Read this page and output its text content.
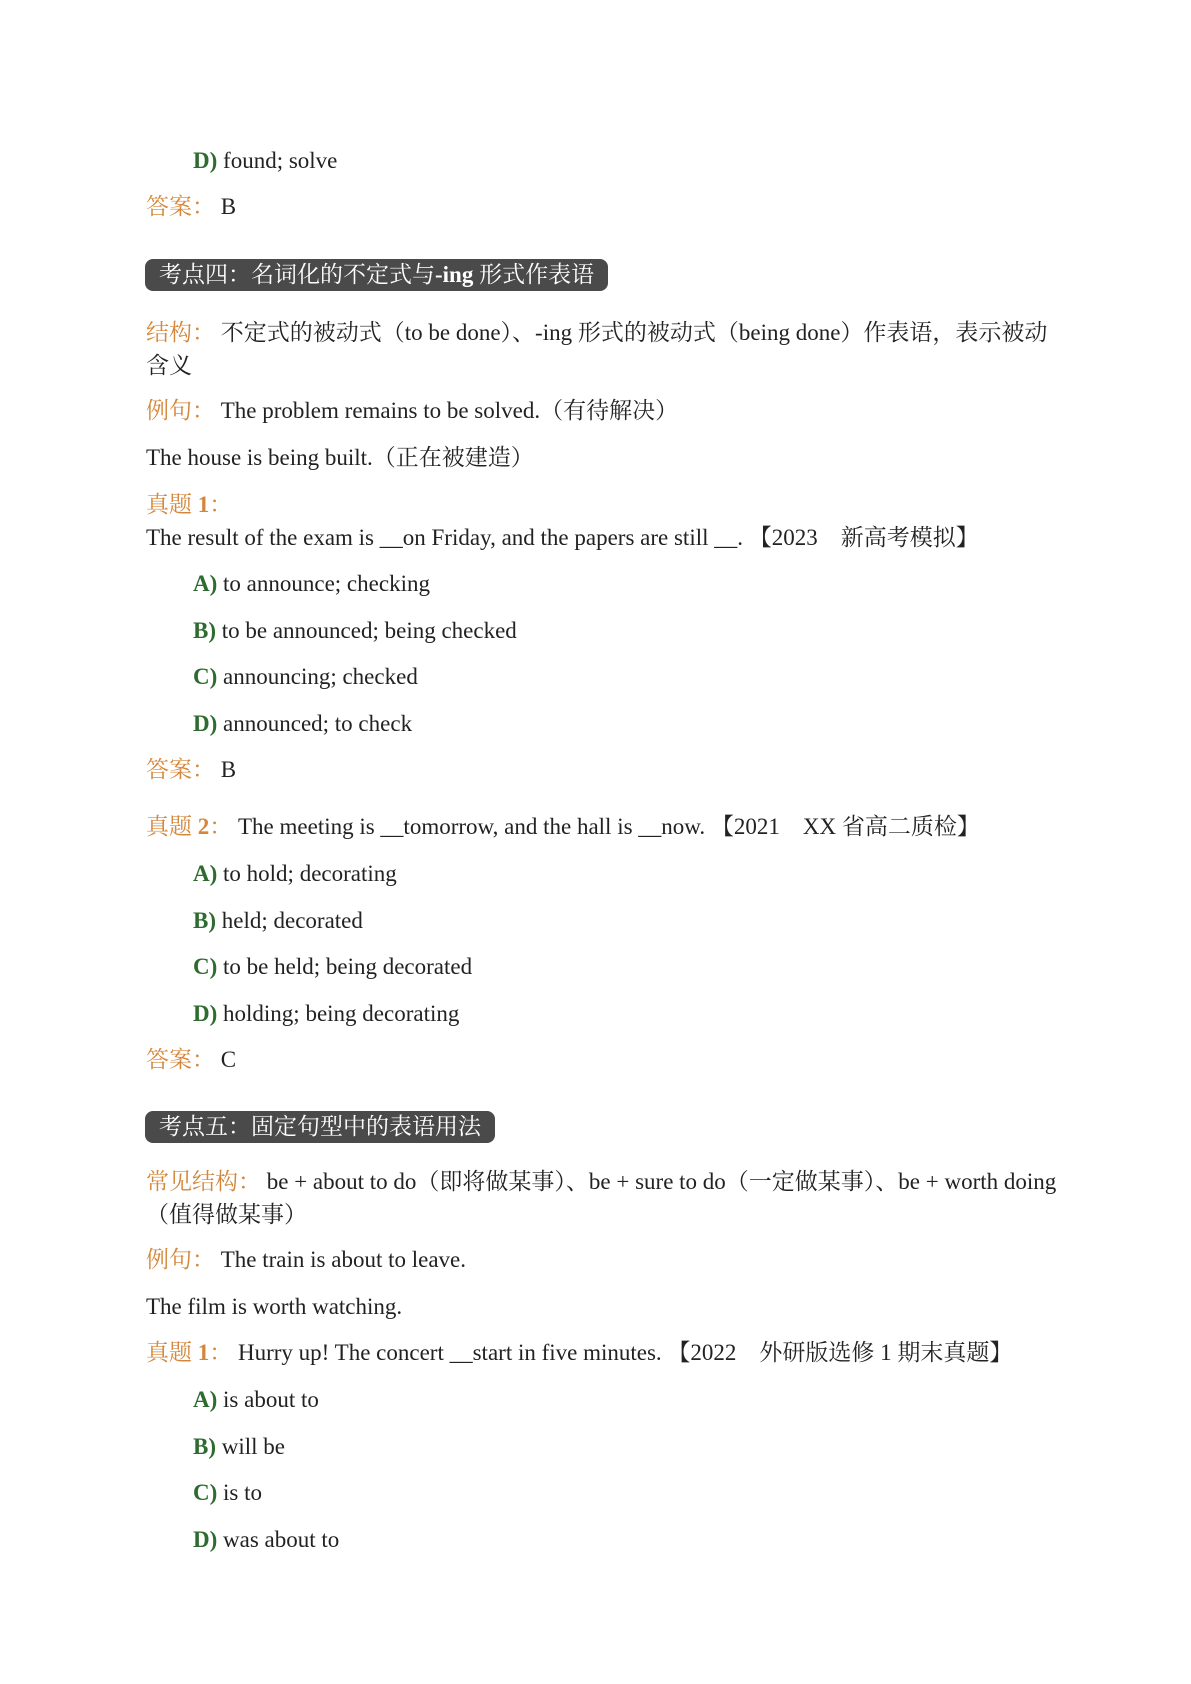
D) found; solve
答案： B
考点四：名词化的不定式与-ing 形式作表语
结构： 不定式的被动式（to be done）、-ing 形式的被动式（being done）作表语，表示被动含义
例句： The problem remains to be solved.（有待解决）
The house is being built.（正在被建造）
真题 1： The result of the exam is __on Friday, and the papers are still __. 【2023　新高考模拟】
A) to announce; checking
B) to be announced; being checked
C) announcing; checked
D) announced; to check
答案： B
真题 2： The meeting is __tomorrow, and the hall is __now. 【2021　XX 省高二质检】
A) to hold; decorating
B) held; decorated
C) to be held; being decorated
D) holding; being decorating
答案： C
考点五：固定句型中的表语用法
常见结构： be + about to do（即将做某事）、be + sure to do（一定做某事）、be + worth doing（值得做某事）
例句： The train is about to leave.
The film is worth watching.
真题 1： Hurry up! The concert __start in five minutes. 【2022　外研版选修 1 期末真题】
A) is about to
B) will be
C) is to
D) was about to
